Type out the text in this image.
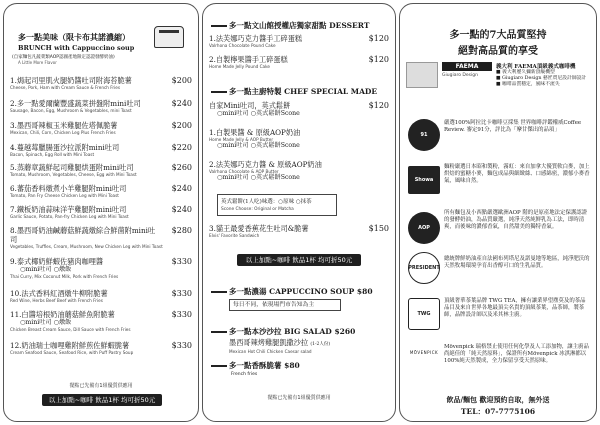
多一點美味（限卡布其諾濃縮）
BRUNCH with Cappuccino soup
(自家麵包凡蔬菜類AOP認國產地限定認證發酵奶油)
A Little More Flavor
1.焗起司里肌火腿奶醬吐司附海苔脆薯
Cheese, Pork, Ham with Cream Sauce & French Fries
$200
2.多一點愛爾蘭豐盛蔬菜拼盤附mini吐司
Sausage, Bacon, Egg, Mushroom & Vegetables, mini Toast
$240
3.墨西哥辣椒玉米雞腿佐塔佩脆薯
Mexican, Chili, Corn, Chicken Leg Plus French Fries
$200
4.蔓越莓臘腸蛋沙拉派附mini吐司
Bacon, Spinach, Egg Roll with Mini Toast
$220
5.蒸蘑章蔬鮮起司雞腿烘蛋附mini吐司
Tomato, Mushroom, Vegetables, Cheese, Egg with Mini Toast
$260
6.蕃茄香料燉煮小羊雞腿附mini吐司
Tomato, Pan Fry Cheese Chicken Leg with Mini Toast
$240
7.鐵板奶油蒜味洋芋雞腿附mini吐司
Garlic Sauce, Potato, Pan-fry Chicken Leg with Mini Toast
$240
8.墨西哥奶油鹹蘑菇鮮蔬燉綜合鮮菌附mini吐司
Vegetables, Truffles, Cream, Mushroom, New Chicken Leg with Mini Toast
$280
9.泰式椰奶鮮蝦佐豬肉咖哩醬
○mini吐司 ○燉飯
Thai Curry, Mix Coconut Milk, Pork with French Fries
$330
10.法式香料紅酒燉牛柳附脆薯
Red Wine, Herbs Beef Beef with French Fries
$330
11.白醬培根奶油蘑菇鮮魚附脆薯
○mini吐司 ○燉飯
Chicken Breast Cream Sauce, Dill Sauce with French Fries
$330
12.奶油瑞士咖哩雞附鮮煎佐鮮蝦脆薯
Cream Seafood Sauce, Seafood Rice, with Puff Pastry Soup
$330
餐點已先備有1組優質供應用
以上加點~咖啡 飲品1杯 均可折50元
多一點文山館授權店獨家甜點 DESSERT
1.法芙娜巧克力醬手工碎蛋糕
Valrhona Chocolate Pound Cake
$120
2.自製檸果醬手工碎蛋糕
Home Made Jelly Pound Cake
$120
多一點主廚特製 CHEF SPECIAL MADE
自家Mini吐司，英式鬆餅	$120
○mini吐司 ○英式鬆餅Scone
1.白製果醬 & 原級AOP奶油
Home Made Jelly & AOP Butter
○mini吐司 ○英式鬆餅Scone
2.法芙娜巧克力醬 & 原級AOP奶油
Valrhona Chocolate & AOP Butter
○mini吐司 ○英式鬆餅Scone
英式鬆餅(1人吃)味選：○原味 ○抹茶
Scone Choose: Original or Matcha
3.貓王最愛香蕉花生吐司&脆薯
Elvis' Favorite Sandwich
$150
以上加點~咖啡 飲品1杯 均可折50元
多一點濃湯 CAPPUCCINO SOUP $80
每日不同，依現場門市告知為主
多一點本沙沙拉 BIG SALAD $260
墨西哥辣烤雞腿凱撒沙拉 (1-2人份)
Mexican Hot Chili Chicken Caesar salad
多一點香酥脆薯 $80
French fries
餐點已先備有1組優質供應用
多一點的7大品質堅持
絕對高品質的享受
FAEMA
Giugiaro Design
義大利 FAEMA頂級義式咖啡機
■ 義大利歷久彌新頂級機型
■ Giugiaro Design 藝匠賈尼設計師設計
■ 咖啡品質穩定，風味不流失
91
嚴選100%阿拉比卡咖啡豆採集 世界咖啡評鑑權威Coffee Review. 審定91分，評比為「摩甘傑出的品項」
Showa
麵粉嚴選日本昭和製粉，霧虹：來自加拿大優質軟白麥，加上烘焙的蜜糖小麥，麵包成品與細緻絲、口感綿密，濃郁小麥香氣，風味自然。
AOP
所有麵包及小西點嚴選歐洲AOP 階的是原產地法定保護認證的發酵奶油，為品質嚴選，純淨天然純鮮乳為工法，即時清爽，而後味的濃郁香氣，自然甜美的獨特香氣。
PRESIDENT
總統牌鮮奶油產自法國布列塔尼及諾曼地等地區，純淨肥沃的天然牧場環境孕育出香醇可口的生乳品質。
TWG
頂級奢華茶葉品牌 TWG TEA，擁有讓業界望塵莫及的茶品品目及來自世界各地最頂尖名貴的頂級茶葉，品茶師，製茶師，品牌設計師以及米其林主廚。
MÖVENPICK
Mövenpick 瑞格禁止使用任何化學及人工添加物，讓主廚品尚絕佳的「純天然原料」，保證所有Mövenpick 冰淇淋都以100%純天然製成，全力保留享受天然原味。
飲品/麵包 歡迎預約自取，無外送
TEL：07-7775106
